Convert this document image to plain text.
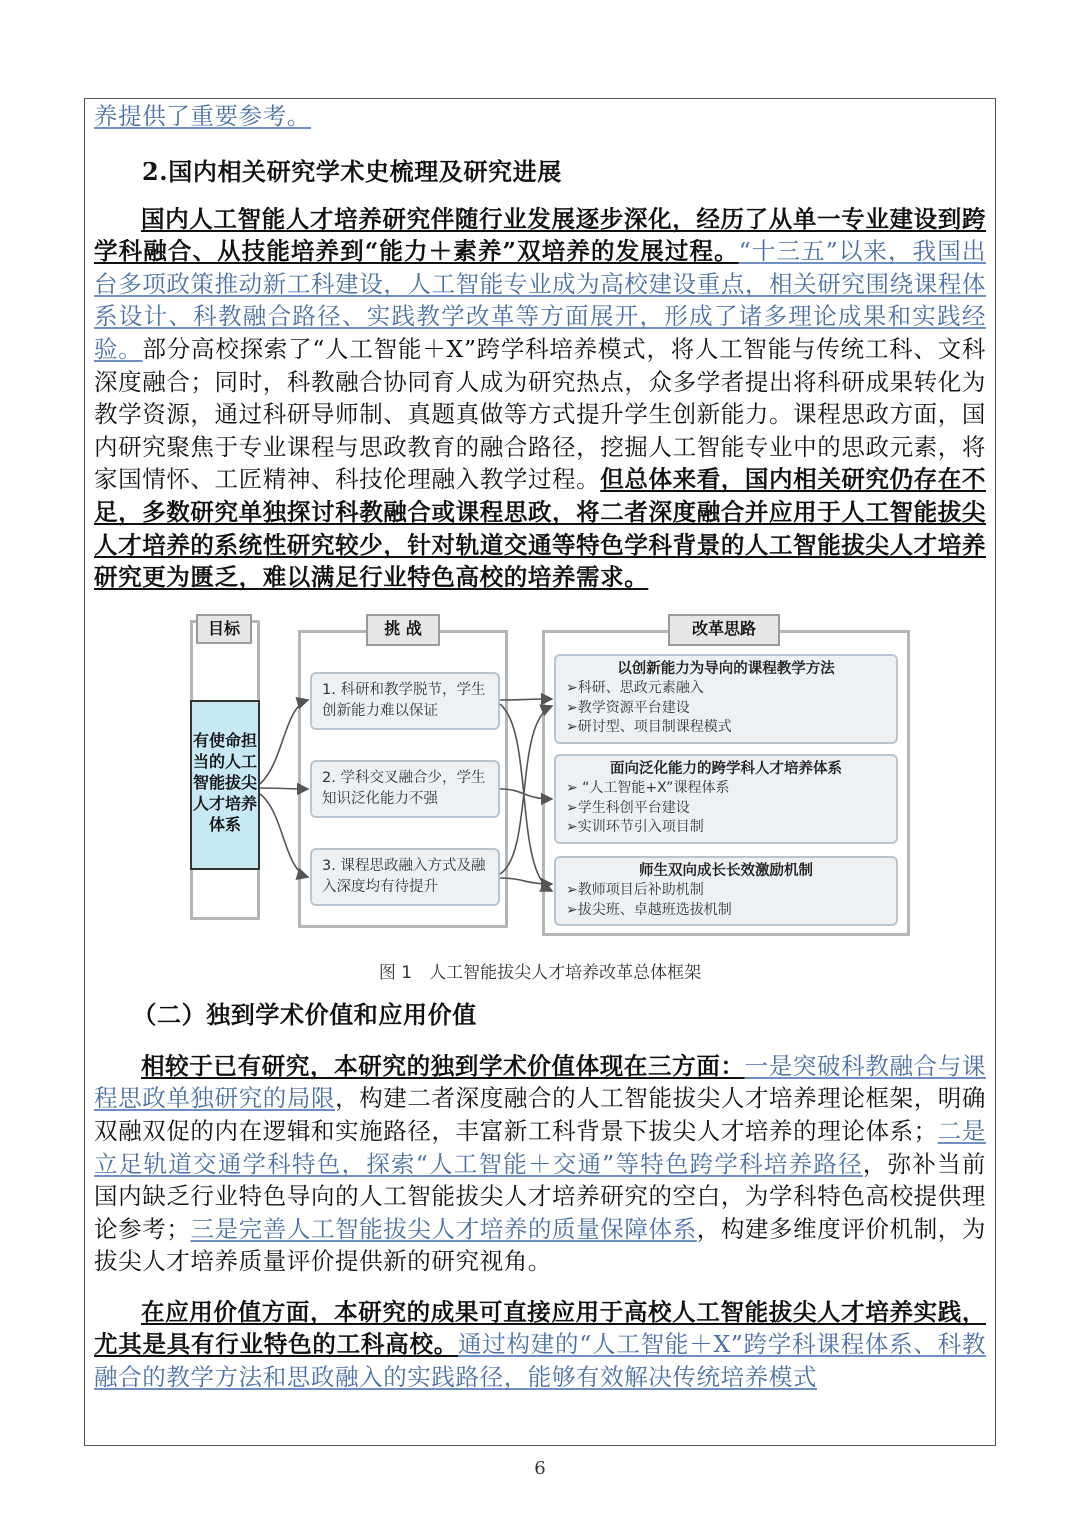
养提供了重要参考。

2.国内相关研究学术史梳理及研究进展

国内人工智能人才培养研究伴随行业发展逐步深化，经历了从单一专业建设到跨学科融合、从技能培养到“能力＋素养”双培养的发展过程。“十三五”以来，我国出台多项政策推动新工科建设，人工智能专业成为高校建设重点，相关研究围绕课程体系设计、科教融合路径、实践教学改革等方面展开，形成了诸多理论成果和实践经验。部分高校探索了“人工智能＋X”跨学科培养模式，将人工智能与传统工科、文科深度融合；同时，科教融合协同育人成为研究热点，众多学者提出将科研成果转化为教学资源，通过科研导师制、真题真做等方式提升学生创新能力。课程思政方面，国内研究聚焦于专业课程与思政教育的融合路径，挖掘人工智能专业中的思政元素，将家国情怀、工匠精神、科技伦理融入教学过程。但总体来看，国内相关研究仍存在不足，多数研究单独探讨科教融合或课程思政，将二者深度融合并应用于人工智能拔尖人才培养的系统性研究较少，针对轨道交通等特色学科背景的人工智能拔尖人才培养研究更为匮乏，难以满足行业特色高校的培养需求。

目标
有使命担当的人工智能拔尖人才培养体系
挑 战
1. 科研和教学脱节，学生创新能力难以保证
2. 学科交叉融合少，学生知识泛化能力不强
3. 课程思政融入方式及融入深度均有待提升
改革思路
以创新能力为导向的课程教学方法
➢科研、思政元素融入
➢教学资源平台建设
➢研讨型、项目制课程模式
面向泛化能力的跨学科人才培养体系
➢ “人工智能+X”课程体系
➢学生科创平台建设
➢实训环节引入项目制
师生双向成长长效激励机制
➢教师项目后补助机制
➢拔尖班、卓越班选拔机制
图 1　人工智能拔尖人才培养改革总体框架

（二）独到学术价值和应用价值

相较于已有研究，本研究的独到学术价值体现在三方面：一是突破科教融合与课程思政单独研究的局限，构建二者深度融合的人工智能拔尖人才培养理论框架，明确双融双促的内在逻辑和实施路径，丰富新工科背景下拔尖人才培养的理论体系；二是立足轨道交通学科特色，探索“人工智能＋交通”等特色跨学科培养路径，弥补当前国内缺乏行业特色导向的人工智能拔尖人才培养研究的空白，为学科特色高校提供理论参考；三是完善人工智能拔尖人才培养的质量保障体系，构建多维度评价机制，为拔尖人才培养质量评价提供新的研究视角。

在应用价值方面，本研究的成果可直接应用于高校人工智能拔尖人才培养实践，尤其是具有行业特色的工科高校。通过构建的“人工智能＋X”跨学科课程体系、科教融合的教学方法和思政融入的实践路径，能够有效解决传统培养模式

6
